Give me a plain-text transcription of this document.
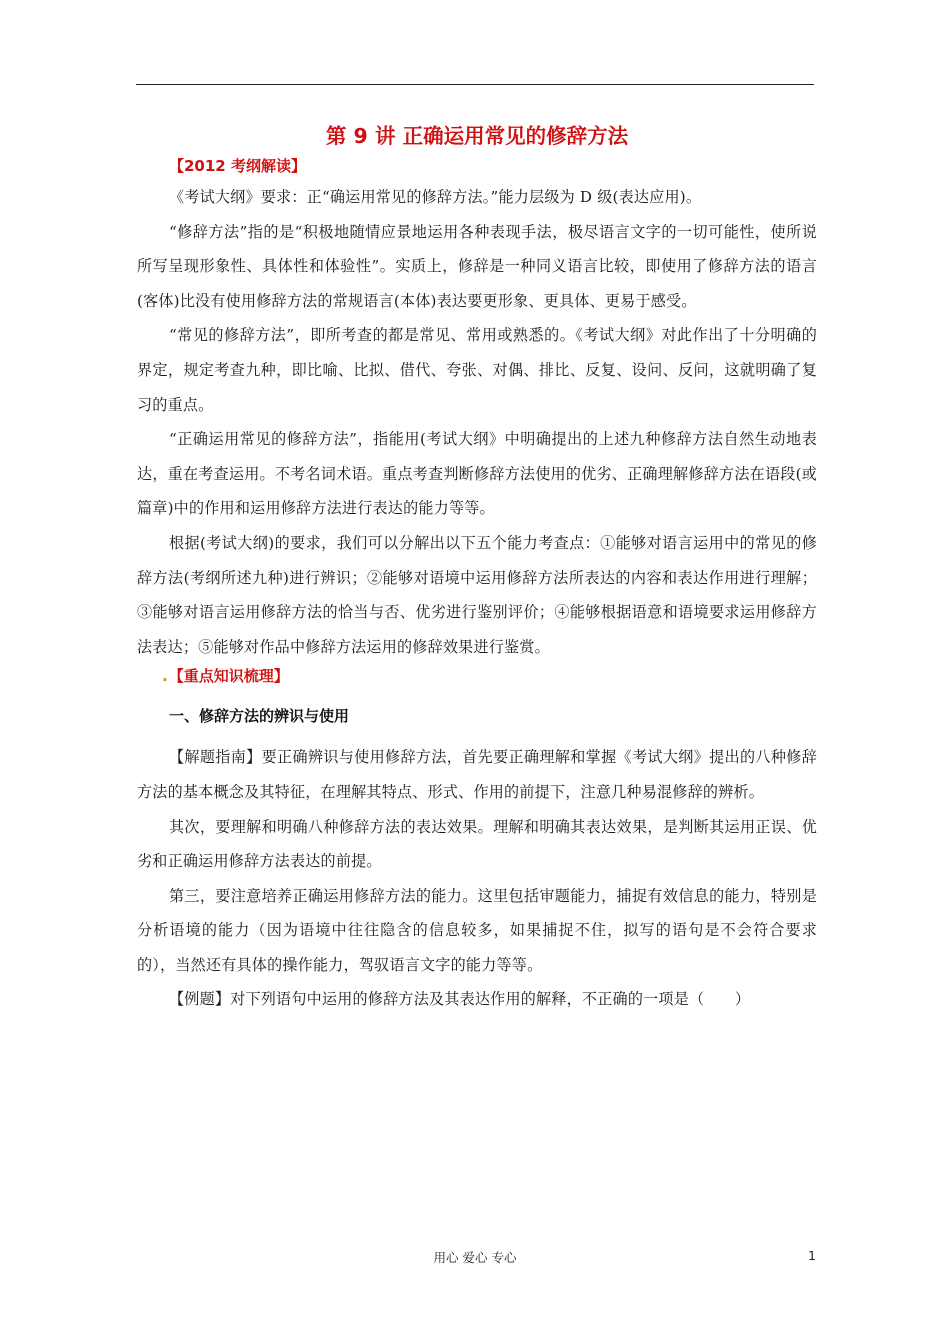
第 9 讲 正确运用常见的修辞方法

【2012 考纲解读】

《考试大纲》要求：正“确运用常见的修辞方法。”能力层级为 D 级(表达应用)。

“修辞方法”指的是“积极地随情应景地运用各种表现手法，极尽语言文字的一切可能性，使所说所写呈现形象性、具体性和体验性”。实质上，修辞是一种同义语言比较，即使用了修辞方法的语言(客体)比没有使用修辞方法的常规语言(本体)表达要更形象、更具体、更易于感受。

“常见的修辞方法”，即所考查的都是常见、常用或熟悉的。《考试大纲》对此作出了十分明确的界定，规定考查九种，即比喻、比拟、借代、夸张、对偶、排比、反复、设问、反问，这就明确了复习的重点。

“正确运用常见的修辞方法”，指能用(考试大纲》中明确提出的上述九种修辞方法自然生动地表达，重在考查运用。不考名词术语。重点考查判断修辞方法使用的优劣、正确理解修辞方法在语段(或篇章)中的作用和运用修辞方法进行表达的能力等等。

根据(考试大纲)的要求，我们可以分解出以下五个能力考查点：①能够对语言运用中的常见的修辞方法(考纲所述九种)进行辨识；②能够对语境中运用修辞方法所表达的内容和表达作用进行理解；③能够对语言运用修辞方法的恰当与否、优劣进行鉴别评价；④能够根据语意和语境要求运用修辞方法表达；⑤能够对作品中修辞方法运用的修辞效果进行鉴赏。

.【重点知识梳理】

一、修辞方法的辨识与使用

【解题指南】要正确辨识与使用修辞方法，首先要正确理解和掌握《考试大纲》提出的八种修辞方法的基本概念及其特征，在理解其特点、形式、作用的前提下，注意几种易混修辞的辨析。

其次，要理解和明确八种修辞方法的表达效果。理解和明确其表达效果，是判断其运用正误、优劣和正确运用修辞方法表达的前提。

第三，要注意培养正确运用修辞方法的能力。这里包括审题能力，捕捉有效信息的能力，特别是分析语境的能力（因为语境中往往隐含的信息较多，如果捕捉不住，拟写的语句是不会符合要求的），当然还有具体的操作能力，驾驭语言文字的能力等等。

【例题】对下列语句中运用的修辞方法及其表达作用的解释，不正确的一项是（　　）

用心 爱心 专心	1
